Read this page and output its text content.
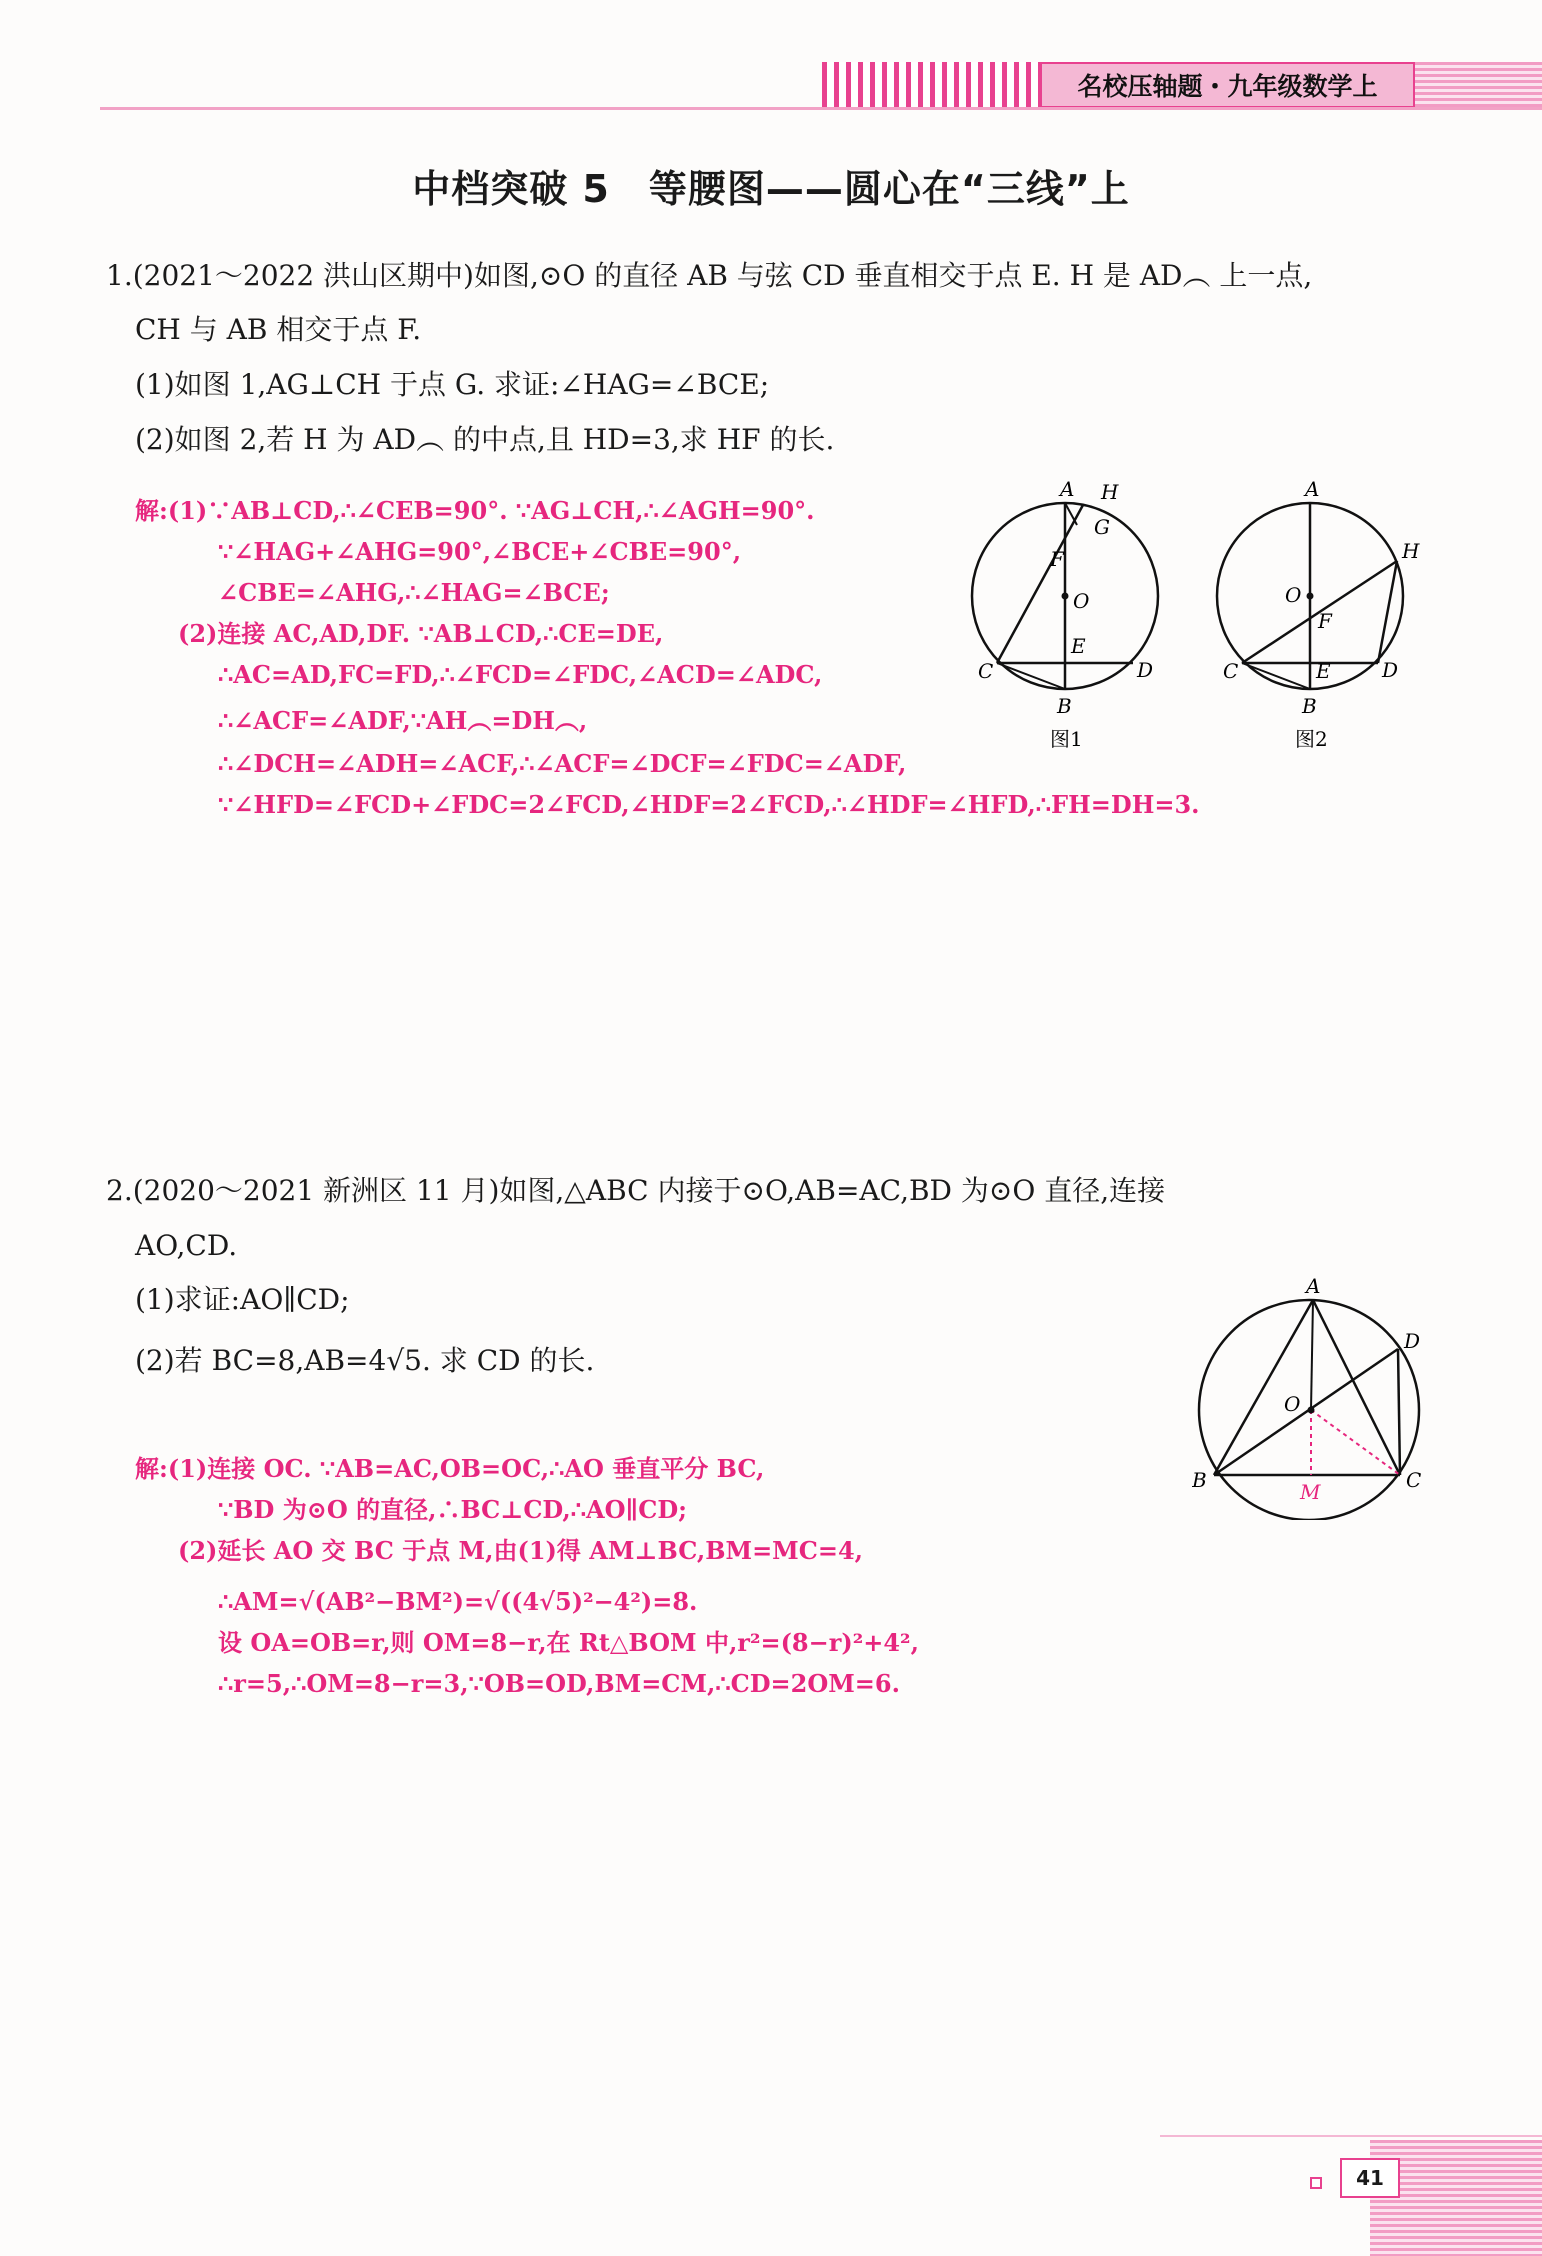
名校压轴题・九年级数学上
中档突破 5　等腰图——圆心在“三线”上
1.(2021～2022 洪山区期中)如图,⊙O 的直径 AB 与弦 CD 垂直相交于点 E. H 是 AD︵ 上一点,
CH 与 AB 相交于点 F.
(1)如图 1,AG⊥CH 于点 G. 求证:∠HAG=∠BCE;
(2)如图 2,若 H 为 AD︵ 的中点,且 HD=3,求 HF 的长.
解:(1)∵AB⊥CD,∴∠CEB=90°. ∵AG⊥CH,∴∠AGH=90°.
∵∠HAG+∠AHG=90°,∠BCE+∠CBE=90°,
∠CBE=∠AHG,∴∠HAG=∠BCE;
(2)连接 AC,AD,DF. ∵AB⊥CD,∴CE=DE,
∴AC=AD,FC=FD,∴∠FCD=∠FDC,∠ACD=∠ADC,
∴∠ACF=∠ADF,∵AH︵=DH︵,
∴∠DCH=∠ADH=∠ACF,∴∠ACF=∠DCF=∠FDC=∠ADF,
∵∠HFD=∠FCD+∠FDC=2∠FCD,∠HDF=2∠FCD,∴∠HDF=∠HFD,∴FH=DH=3.
A H
G
F
O
E
C	D
B
图1
A
H
O
F
C	E	D
B
图2
2.(2020～2021 新洲区 11 月)如图,△ABC 内接于⊙O,AB=AC,BD 为⊙O 直径,连接
AO,CD.
(1)求证:AO∥CD;
(2)若 BC=8,AB=4√5. 求 CD 的长.
A
D
O
B	M	C
解:(1)连接 OC. ∵AB=AC,OB=OC,∴AO 垂直平分 BC,
∵BD 为⊙O 的直径,∴BC⊥CD,∴AO∥CD;
(2)延长 AO 交 BC 于点 M,由(1)得 AM⊥BC,BM=MC=4,
∴AM=√(AB²−BM²)=√((4√5)²−4²)=8.
设 OA=OB=r,则 OM=8−r,在 Rt△BOM 中,r²=(8−r)²+4²,
∴r=5,∴OM=8−r=3,∵OB=OD,BM=CM,∴CD=2OM=6.
41
